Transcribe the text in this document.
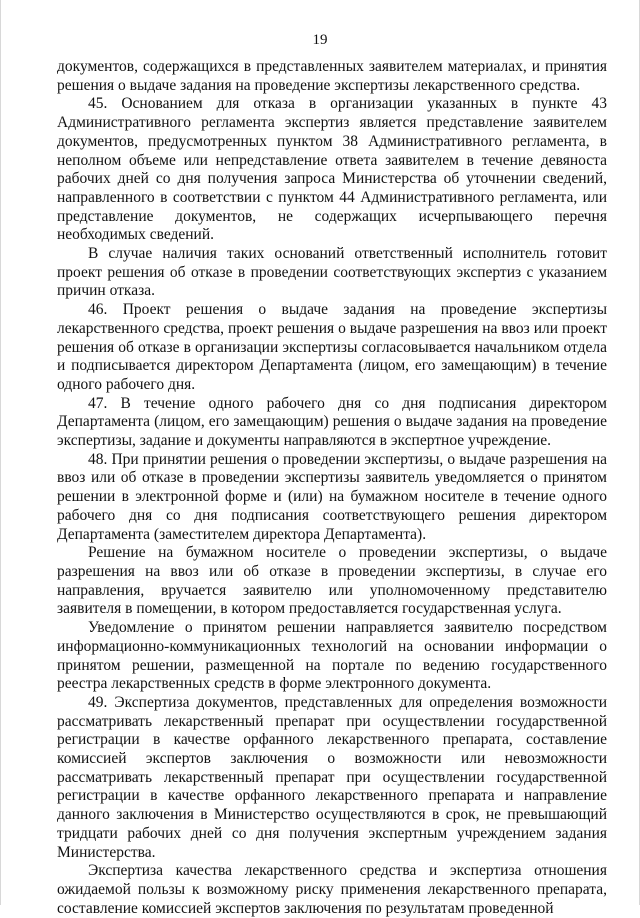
19

документов, содержащихся в представленных заявителем материалах, и принятия решения о выдаче задания на проведение экспертизы лекарственного средства.

45. Основанием для отказа в организации указанных в пункте 43 Административного регламента экспертиз является представление заявителем документов, предусмотренных пунктом 38 Административного регламента, в неполном объеме или непредставление ответа заявителем в течение девяноста рабочих дней со дня получения запроса Министерства об уточнении сведений, направленного в соответствии с пунктом 44 Административного регламента, или представление документов, не содержащих исчерпывающего перечня необходимых сведений.

В случае наличия таких оснований ответственный исполнитель готовит проект решения об отказе в проведении соответствующих экспертиз с указанием причин отказа.

46. Проект решения о выдаче задания на проведение экспертизы лекарственного средства, проект решения о выдаче разрешения на ввоз или проект решения об отказе в организации экспертизы согласовывается начальником отдела и подписывается директором Департамента (лицом, его замещающим) в течение одного рабочего дня.

47. В течение одного рабочего дня со дня подписания директором Департамента (лицом, его замещающим) решения о выдаче задания на проведение экспертизы, задание и документы направляются в экспертное учреждение.

48. При принятии решения о проведении экспертизы, о выдаче разрешения на ввоз или об отказе в проведении экспертизы заявитель уведомляется о принятом решении в электронной форме и (или) на бумажном носителе в течение одного рабочего дня со дня подписания соответствующего решения директором Департамента (заместителем директора Департамента).

Решение на бумажном носителе о проведении экспертизы, о выдаче разрешения на ввоз или об отказе в проведении экспертизы, в случае его направления, вручается заявителю или уполномоченному представителю заявителя в помещении, в котором предоставляется государственная услуга.

Уведомление о принятом решении направляется заявителю посредством информационно-коммуникационных технологий на основании информации о принятом решении, размещенной на портале по ведению государственного реестра лекарственных средств в форме электронного документа.

49. Экспертиза документов, представленных для определения возможности рассматривать лекарственный препарат при осуществлении государственной регистрации в качестве орфанного лекарственного препарата, составление комиссией экспертов заключения о возможности или невозможности рассматривать лекарственный препарат при осуществлении государственной регистрации в качестве орфанного лекарственного препарата и направление данного заключения в Министерство осуществляются в срок, не превышающий тридцати рабочих дней со дня получения экспертным учреждением задания Министерства.

Экспертиза качества лекарственного средства и экспертиза отношения ожидаемой пользы к возможному риску применения лекарственного препарата, составление комиссией экспертов заключения по результатам проведенной
